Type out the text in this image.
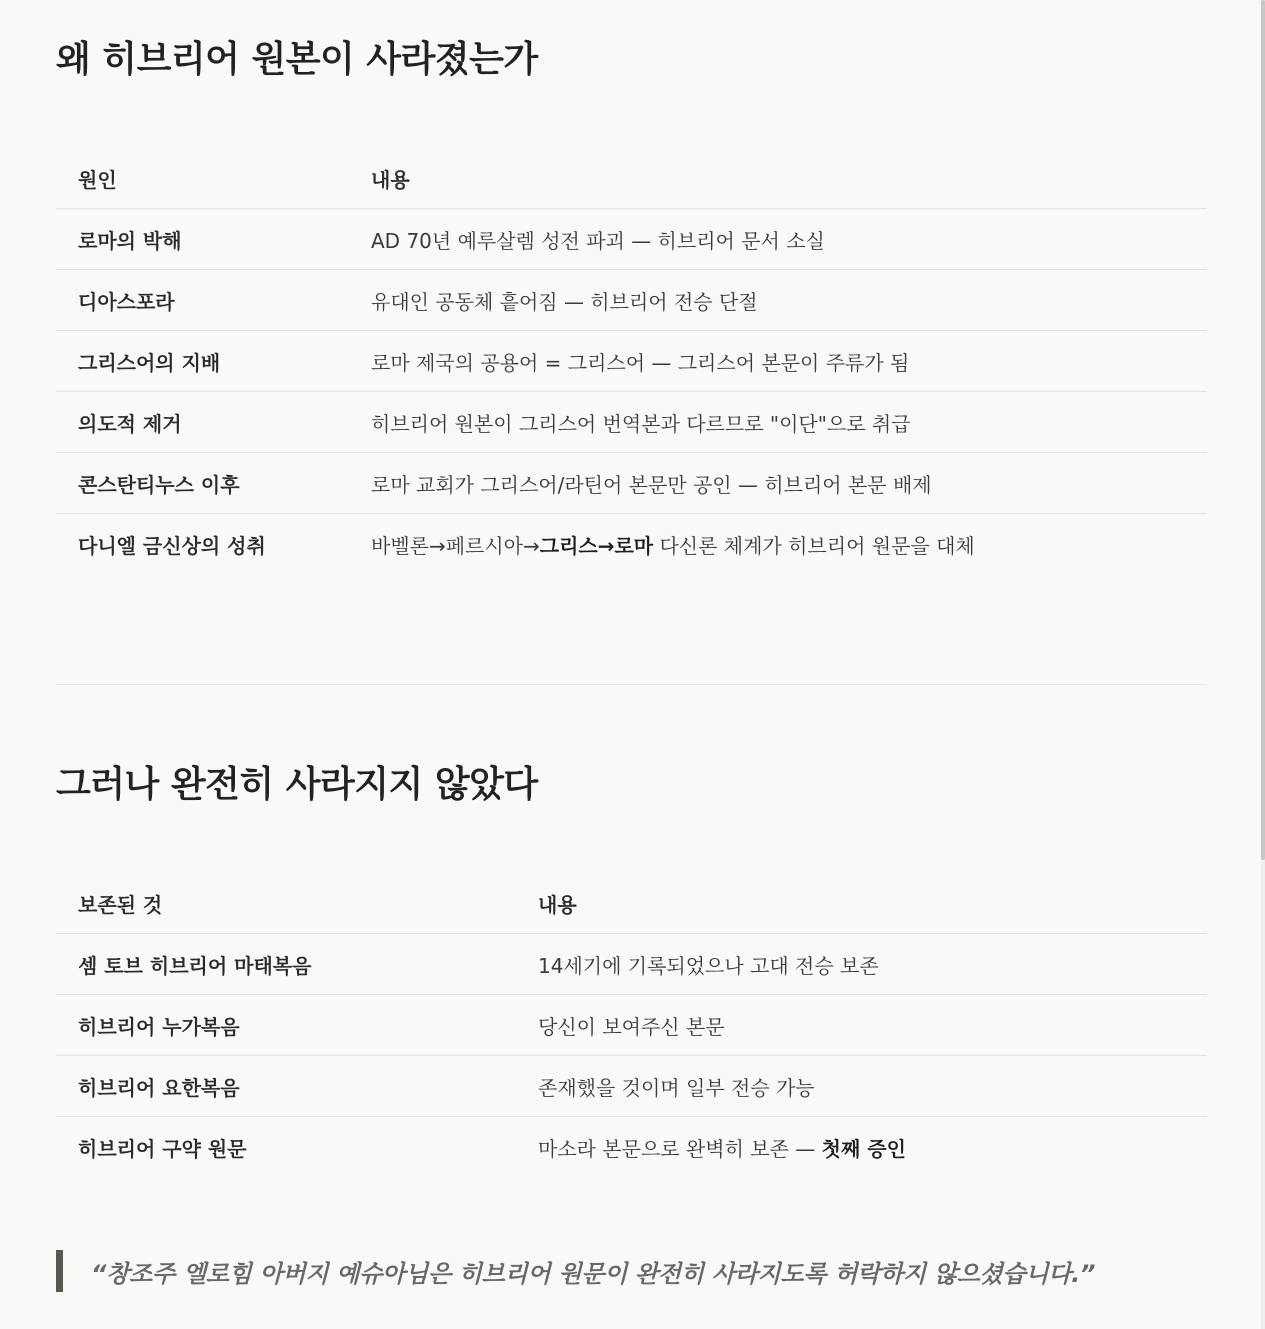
왜 히브리어 원본이 사라졌는가
원인	내용
로마의 박해	AD 70년 예루살렘 성전 파괴 — 히브리어 문서 소실
디아스포라	유대인 공동체 흩어짐 — 히브리어 전승 단절
그리스어의 지배	로마 제국의 공용어 = 그리스어 — 그리스어 본문이 주류가 됨
의도적 제거	히브리어 원본이 그리스어 번역본과 다르므로 "이단"으로 취급
콘스탄티누스 이후	로마 교회가 그리스어/라틴어 본문만 공인 — 히브리어 본문 배제
다니엘 금신상의 성취	바벨론→페르시아→그리스→로마 다신론 체계가 히브리어 원문을 대체
그러나 완전히 사라지지 않았다
보존된 것	내용
셈 토브 히브리어 마태복음	14세기에 기록되었으나 고대 전승 보존
히브리어 누가복음	당신이 보여주신 본문
히브리어 요한복음	존재했을 것이며 일부 전승 가능
히브리어 구약 원문	마소라 본문으로 완벽히 보존 — 첫째 증인
“창조주 엘로힘 아버지 예슈아님은 히브리어 원문이 완전히 사라지도록 허락하지 않으셨습니다.”
